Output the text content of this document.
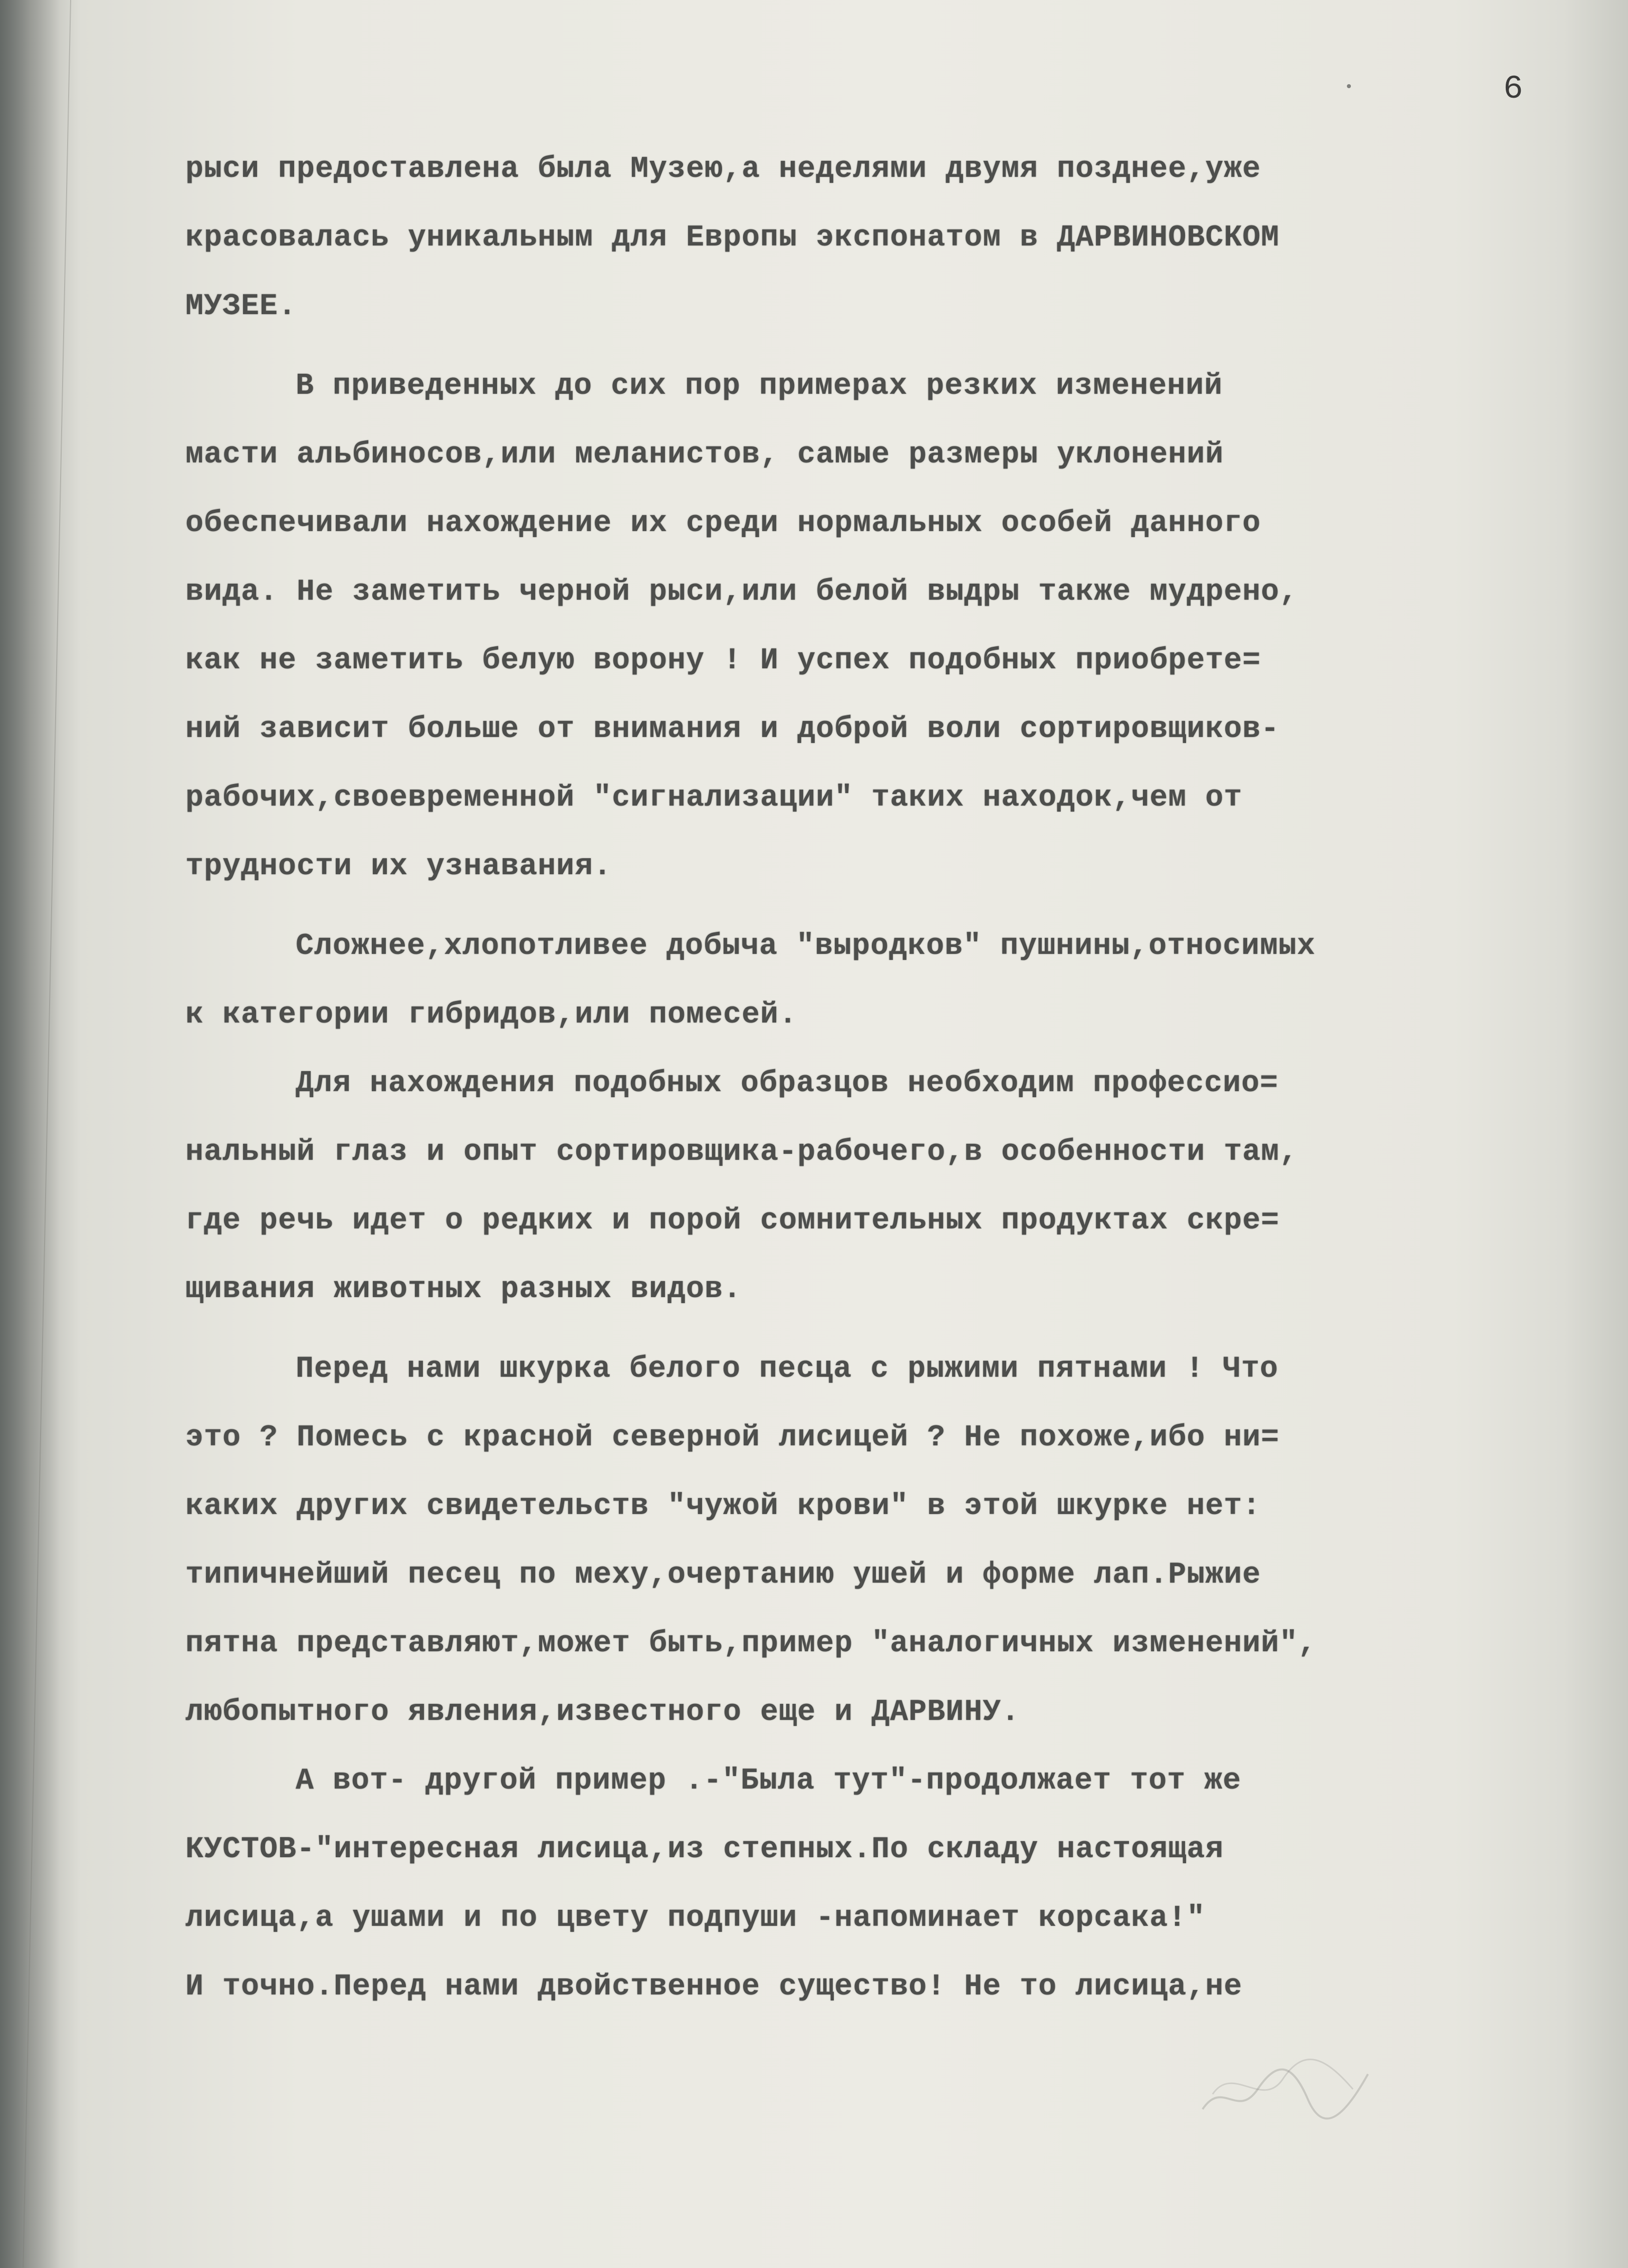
6
рыси предоставлена была Музею,а неделями двумя позднее,уже
красовалась уникальным для Европы экспонатом в ДАРВИНОВСКОМ
МУЗЕЕ.
В приведенных до сих пор примерах резких изменений
масти альбиносов,или меланистов, самые размеры уклонений
обеспечивали нахождение их среди нормальных особей данного
вида. Не заметить черной рыси,или белой выдры также мудрено,
как не заметить белую ворону ! И успех подобных приобрете=
ний зависит больше от внимания и доброй воли сортировщиков-
рабочих,своевременной "сигнализации" таких находок,чем от
трудности их узнавания.
Сложнее,хлопотливее добыча "выродков" пушнины,относимых
к категории гибридов,или помесей.
Для нахождения подобных образцов необходим профессио=
нальный глаз и опыт сортировщика-рабочего,в особенности там,
где речь идет о редких и порой сомнительных продуктах скре=
щивания животных разных видов.
Перед нами шкурка белого песца с рыжими пятнами ! Что
это ? Помесь с красной северной лисицей ? Не похоже,ибо ни=
каких других свидетельств "чужой крови" в этой шкурке нет:
типичнейший песец по меху,очертанию ушей и форме лап.Рыжие
пятна представляют,может быть,пример "аналогичных изменений",
любопытного явления,известного еще и ДАРВИНУ.
А вот- другой пример .-"Была тут"-продолжает тот же
КУСТОВ-"интересная лисица,из степных.По складу настоящая
лисица,а ушами и по цвету подпуши -напоминает корсака!"
И точно.Перед нами двойственное существо! Не то лисица,не
